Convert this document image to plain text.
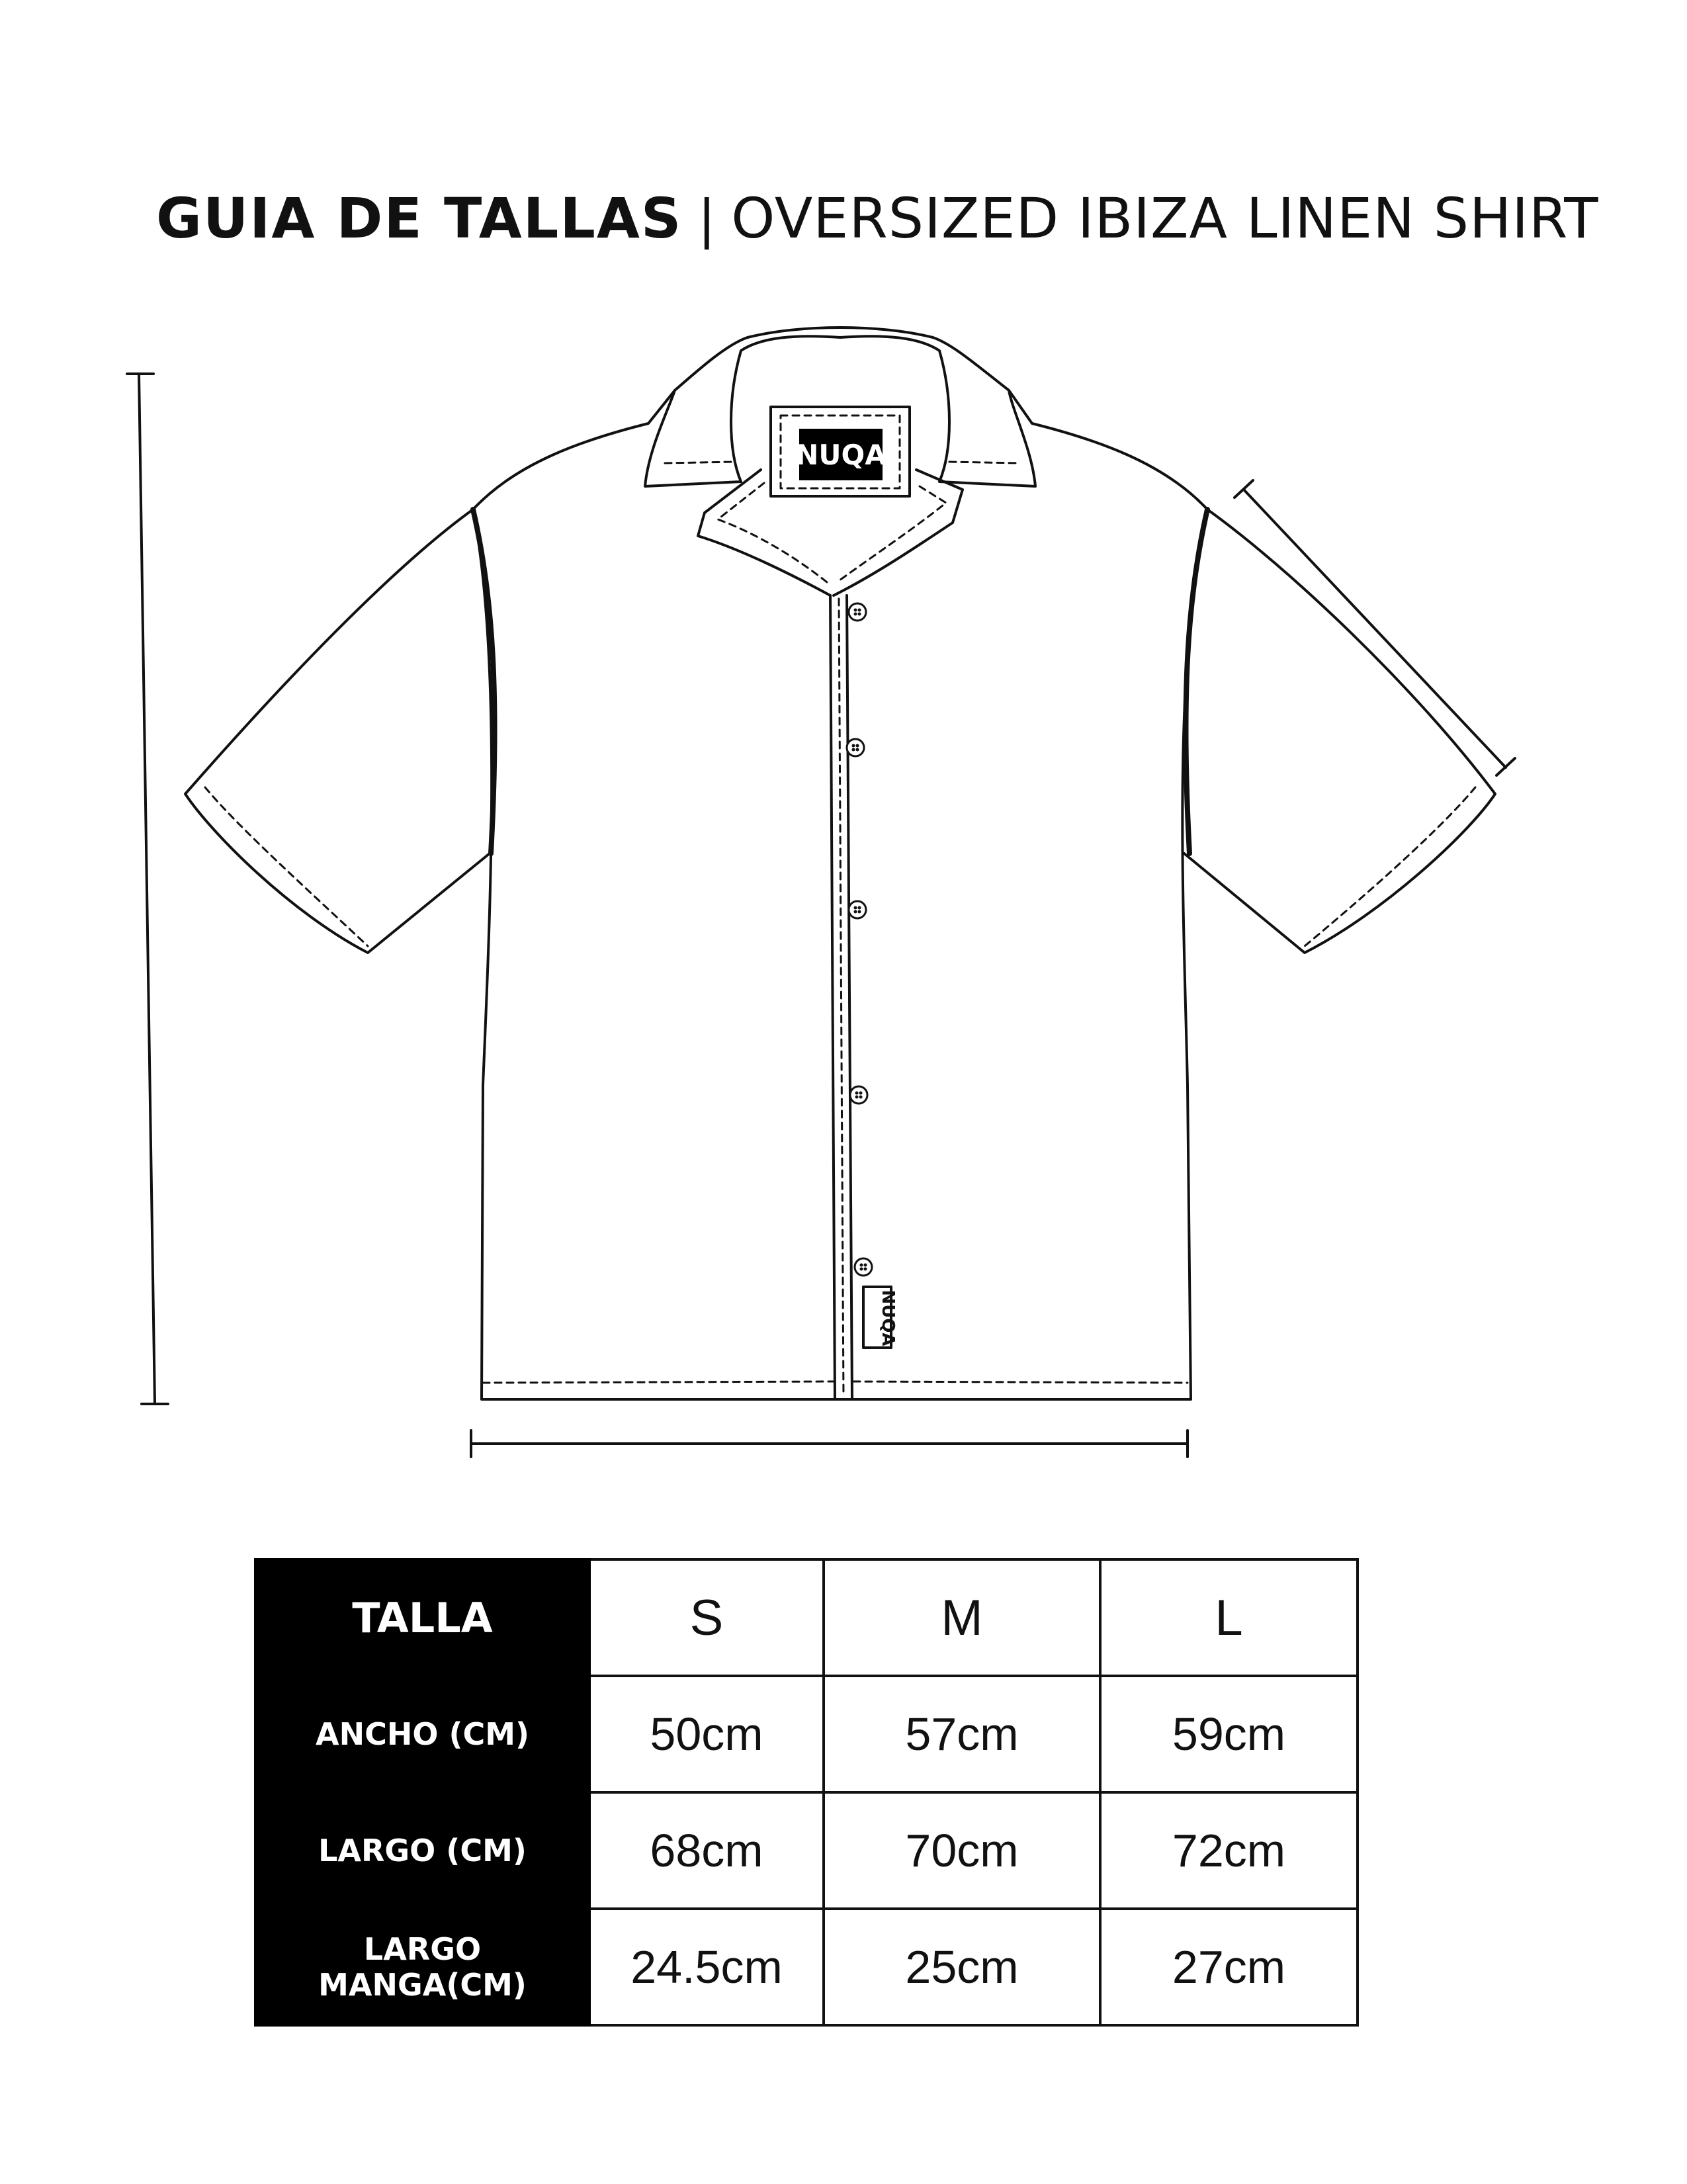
GUIA DE TALLAS | OVERSIZED IBIZA LINEN SHIRT
NUQA
NUQA
TALLA	S	M	L
ANCHO (CM)	50cm	57cm	59cm
LARGO (CM)	68cm	70cm	72cm
LARGO MANGA(CM)	24.5cm	25cm	27cm
